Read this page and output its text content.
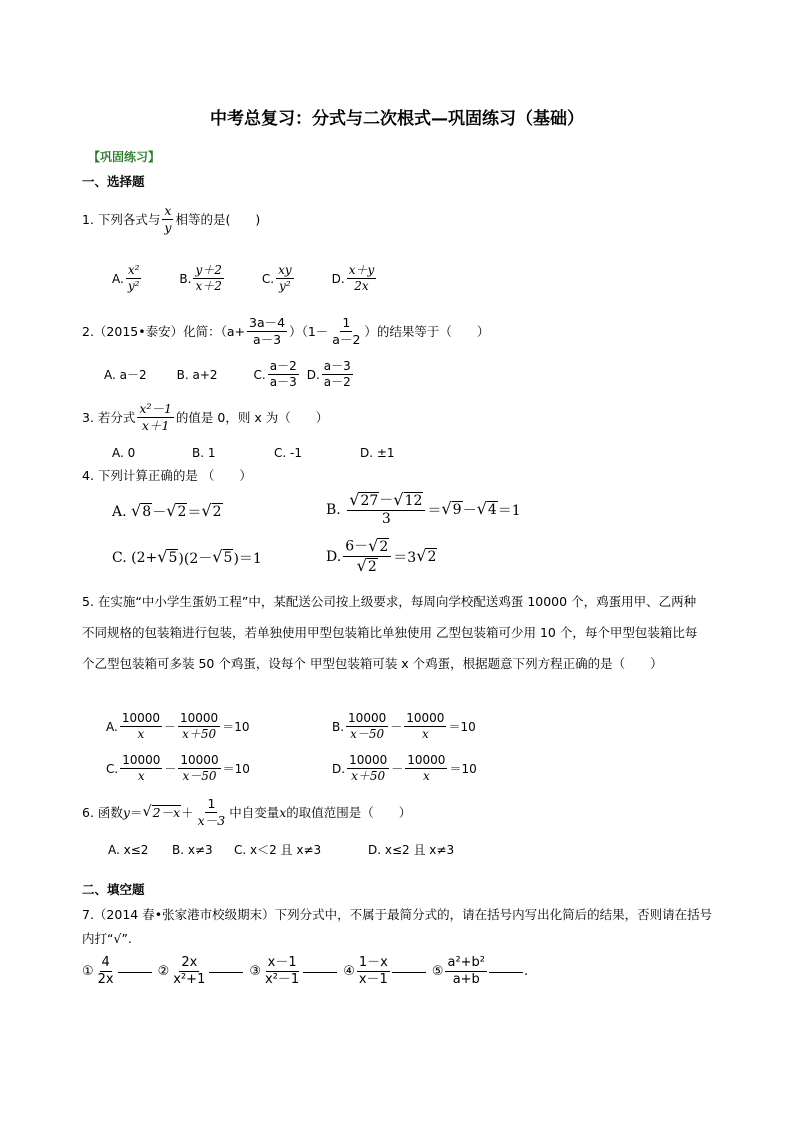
中考总复习：分式与二次根式—巩固练习（基础）
【巩固练习】
一、选择题
1. 下列各式与 $\frac{x}{y}$ 相等的是(　　)
A. $\frac{\text{x²}}{\text{y²}}$	B. $\frac{y+2}{x+2}$	C. $\frac{xy}{\text{y²}}$	D. $\frac{x+y}{2x}$
2.（2015•泰安）化简：$(a+ \frac{3a-4}{a-3} )(1- \frac{1}{a-2}$ ）的结果等于（　　）
A. a－2	B. a+2	C. $\frac{a-2}{a-3} D$. $\frac{a-3}{a-2}$
3. 若分式 $\frac{\text{x²－1}}{x+1}$ 的值是 0，则 x 为（　　）
A. 0	B. 1	C. -1	D. ±1
4. 下列计算正确的是 （　　）
A.
√ 8 － √ 2 ＝ √ 2	B.
$\frac{√ 27 - √ 12}{3}$ ＝ √ 9 － √ 4 ＝1
C. (2+ √ 5 )(2－ √ 5 )＝1	D. $\frac{6- √ 2}{√ 2} =3$ √ 2
5. 在实施“中小学生蛋奶工程”中，某配送公司按上级要求，每周向学校配送鸡蛋 10000 个，鸡蛋用甲、乙两种不同规格的包装箱进行包装，若单独使用甲型包装箱比单独使用 乙型包装箱可少用 10 个，每个甲型包装箱比每个乙型包装箱可多装 50 个鸡蛋，设每个 甲型包装箱可装 x 个鸡蛋，根据题意下列方程正确的是（　　）
A. $\frac{10000}{x} - \frac{10000}{x+50} =10$	B. $\frac{10000}{x-50} - \frac{10000}{x} =10$
C. $\frac{10000}{x} - \frac{10000}{x-50} =10$	D. $\frac{10000}{x+50} - \frac{10000}{x} =10$
6. 函数 y ＝ √ $2-x + \frac{1}{x-3}$ 中自变量 x 的取值范围是（　　）
A. x≤2	B. x≠3	C. x＜2 且 x≠3	D. x≤2 且 x≠3
二、填空题
7.（2014 春•张家港市校级期末）下列分式中，不属于最简分式的，请在括号内写出化简后的结果，否则请在括号内打“√”.
① $\frac{4}{2x}$	② $\frac{2x}{\text{x²+1}}$	③ $\frac{x-1}{\text{x²－1}}$	④ $\frac{1-x}{x-1}$	⑤ $\frac{\text{a²+b²}}{a+b}$	.
